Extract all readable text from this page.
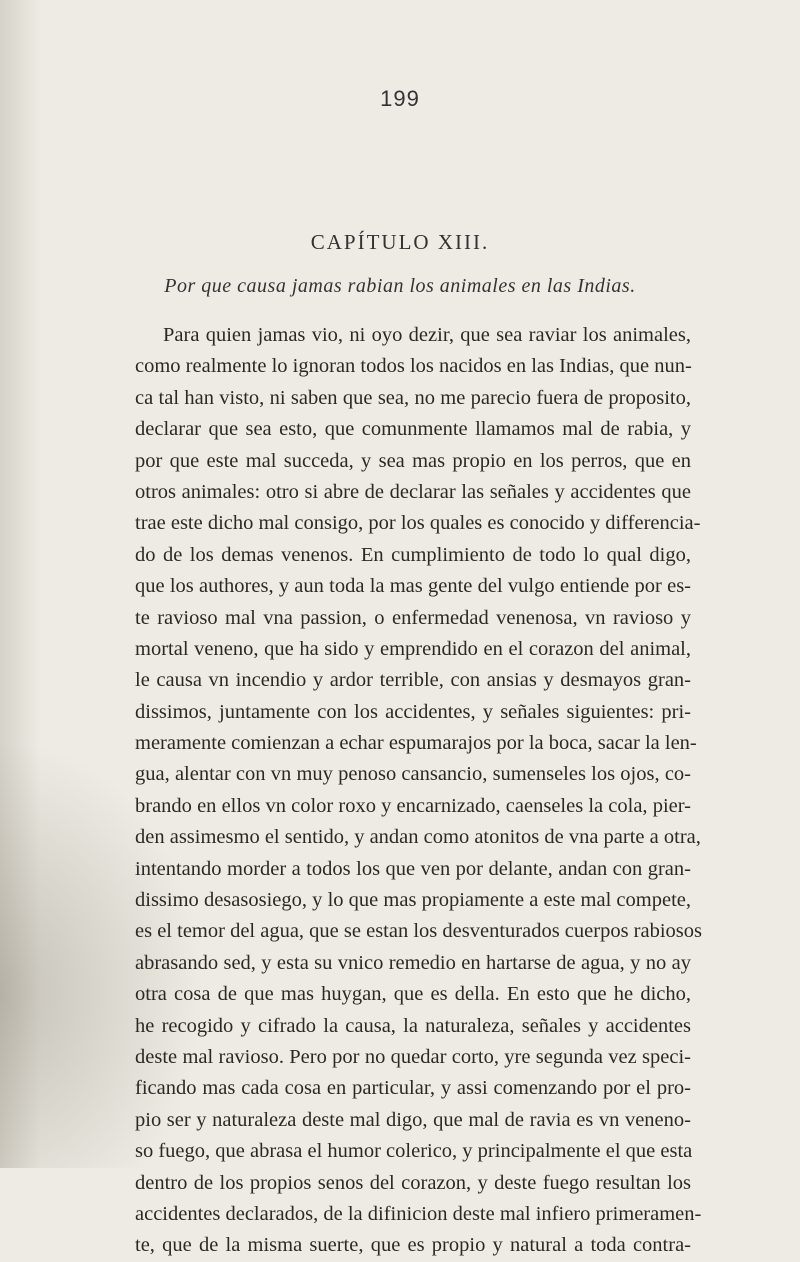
199
CAPÍTULO XIII.
Por que causa jamas rabian los animales en las Indias.
Para quien jamas vio, ni oyo dezir, que sea raviar los animales,
como realmente lo ignoran todos los nacidos en las Indias, que nun-
ca tal han visto, ni saben que sea, no me parecio fuera de proposito,
declarar que sea esto, que comunmente llamamos mal de rabia, y
por que este mal succeda, y sea mas propio en los perros, que en
otros animales: otro si abre de declarar las señales y accidentes que
trae este dicho mal consigo, por los quales es conocido y differencia-
do de los demas venenos. En cumplimiento de todo lo qual digo,
que los authores, y aun toda la mas gente del vulgo entiende por es-
te ravioso mal vna passion, o enfermedad venenosa, vn ravioso y
mortal veneno, que ha sido y emprendido en el corazon del animal,
le causa vn incendio y ardor terrible, con ansias y desmayos gran-
dissimos, juntamente con los accidentes, y señales siguientes: pri-
meramente comienzan a echar espumarajos por la boca, sacar la len-
gua, alentar con vn muy penoso cansancio, sumenseles los ojos, co-
brando en ellos vn color roxo y encarnizado, caenseles la cola, pier-
den assimesmo el sentido, y andan como atonitos de vna parte a otra,
intentando morder a todos los que ven por delante, andan con gran-
dissimo desasosiego, y lo que mas propiamente a este mal compete,
es el temor del agua, que se estan los desventurados cuerpos rabiosos
abrasando sed, y esta su vnico remedio en hartarse de agua, y no ay
otra cosa de que mas huygan, que es della. En esto que he dicho,
he recogido y cifrado la causa, la naturaleza, señales y accidentes
deste mal ravioso. Pero por no quedar corto, yre segunda vez speci-
ficando mas cada cosa en particular, y assi comenzando por el pro-
pio ser y naturaleza deste mal digo, que mal de ravia es vn veneno-
so fuego, que abrasa el humor colerico, y principalmente el que esta
dentro de los propios senos del corazon, y deste fuego resultan los
accidentes declarados, de la difinicion deste mal infiero primeramen-
te, que de la misma suerte, que es propio y natural a toda contra-
